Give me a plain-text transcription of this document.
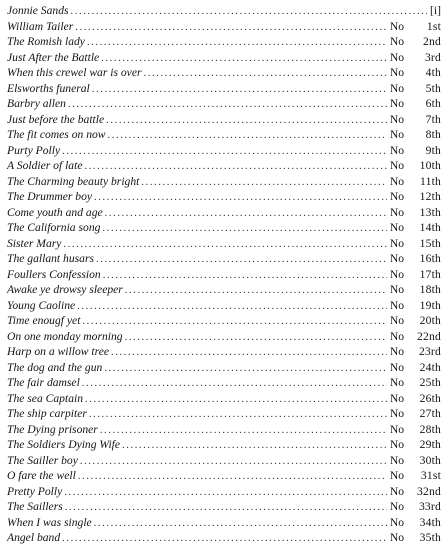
Jonnie Sands .....	[i]
William Tailer .....	No	1st
The Romish lady .....	No	2nd
Just After the Battle .....	No	3rd
When this crewel war is over .....	No	4th
Elsworths funeral .....	No	5th
Barbry allen .....	No	6th
Just before the battle .....	No	7th
The fit comes on now .....	No	8th
Purty Polly .....	No	9th
A Soldier of late .....	No	10th
The Charming beauty bright .....	No	11th
The Drummer boy .....	No	12th
Come youth and age .....	No	13th
The California song .....	No	14th
Sister Mary .....	No	15th
The gallant husars .....	No	16th
Foullers Confession .....	No	17th
Awake ye drowsy sleeper .....	No	18th
Young Caoline .....	No	19th
Time enougf yet .....	No	20th
On one monday morning .....	No	22nd
Harp on a willow tree .....	No	23rd
The dog and the gun .....	No	24th
The fair damsel .....	No	25th
The sea Captain .....	No	26th
The ship carpiter .....	No	27th
The Dying prisoner .....	No	28th
The Soldiers Dying Wife .....	No	29th
The Sailler boy .....	No	30th
O fare the well .....	No	31st
Pretty Polly .....	No	32nd
The Saillers .....	No	33rd
When I was single .....	No	34th
Angel band .....	No	35th
